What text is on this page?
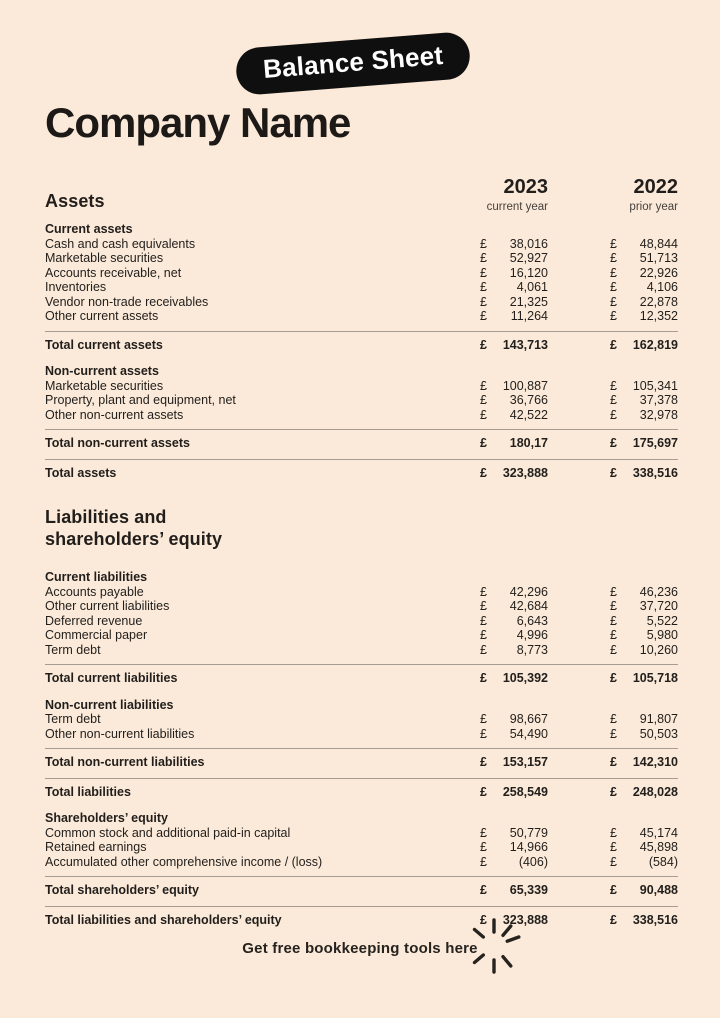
Balance Sheet
Company Name
Assets
2023
current year
2022
prior year
Current assets
Cash and cash equivalents	£ 38,016	£ 48,844
Marketable securities	£ 52,927	£ 51,713
Accounts receivable, net	£ 16,120	£ 22,926
Inventories	£ 4,061	£ 4,106
Vendor non-trade receivables	£ 21,325	£ 22,878
Other current assets	£ 11,264	£ 12,352
Total current assets	£ 143,713	£ 162,819
Non-current assets
Marketable securities	£ 100,887	£ 105,341
Property, plant and equipment, net	£ 36,766	£ 37,378
Other non-current assets	£ 42,522	£ 32,978
Total non-current assets	£ 180,17	£ 175,697
Total assets	£ 323,888	£ 338,516
Liabilities and
shareholders’ equity
Current liabilities
Accounts payable	£ 42,296	£ 46,236
Other current liabilities	£ 42,684	£ 37,720
Deferred revenue	£ 6,643	£ 5,522
Commercial paper	£ 4,996	£ 5,980
Term debt	£ 8,773	£ 10,260
Total current liabilities	£ 105,392	£ 105,718
Non-current liabilities
Term debt	£ 98,667	£ 91,807
Other non-current liabilities	£ 54,490	£ 50,503
Total non-current liabilities	£ 153,157	£ 142,310
Total liabilities	£ 258,549	£ 248,028
Shareholders’ equity
Common stock and additional paid-in capital	£ 50,779	£ 45,174
Retained earnings	£ 14,966	£ 45,898
Accumulated other comprehensive income / (loss)	£	(406)	£	(584)
Total shareholders’ equity	£ 65,339	£ 90,488
Total liabilities and shareholders’ equity	£ 323,888	£ 338,516
Get free bookkeeping tools here
